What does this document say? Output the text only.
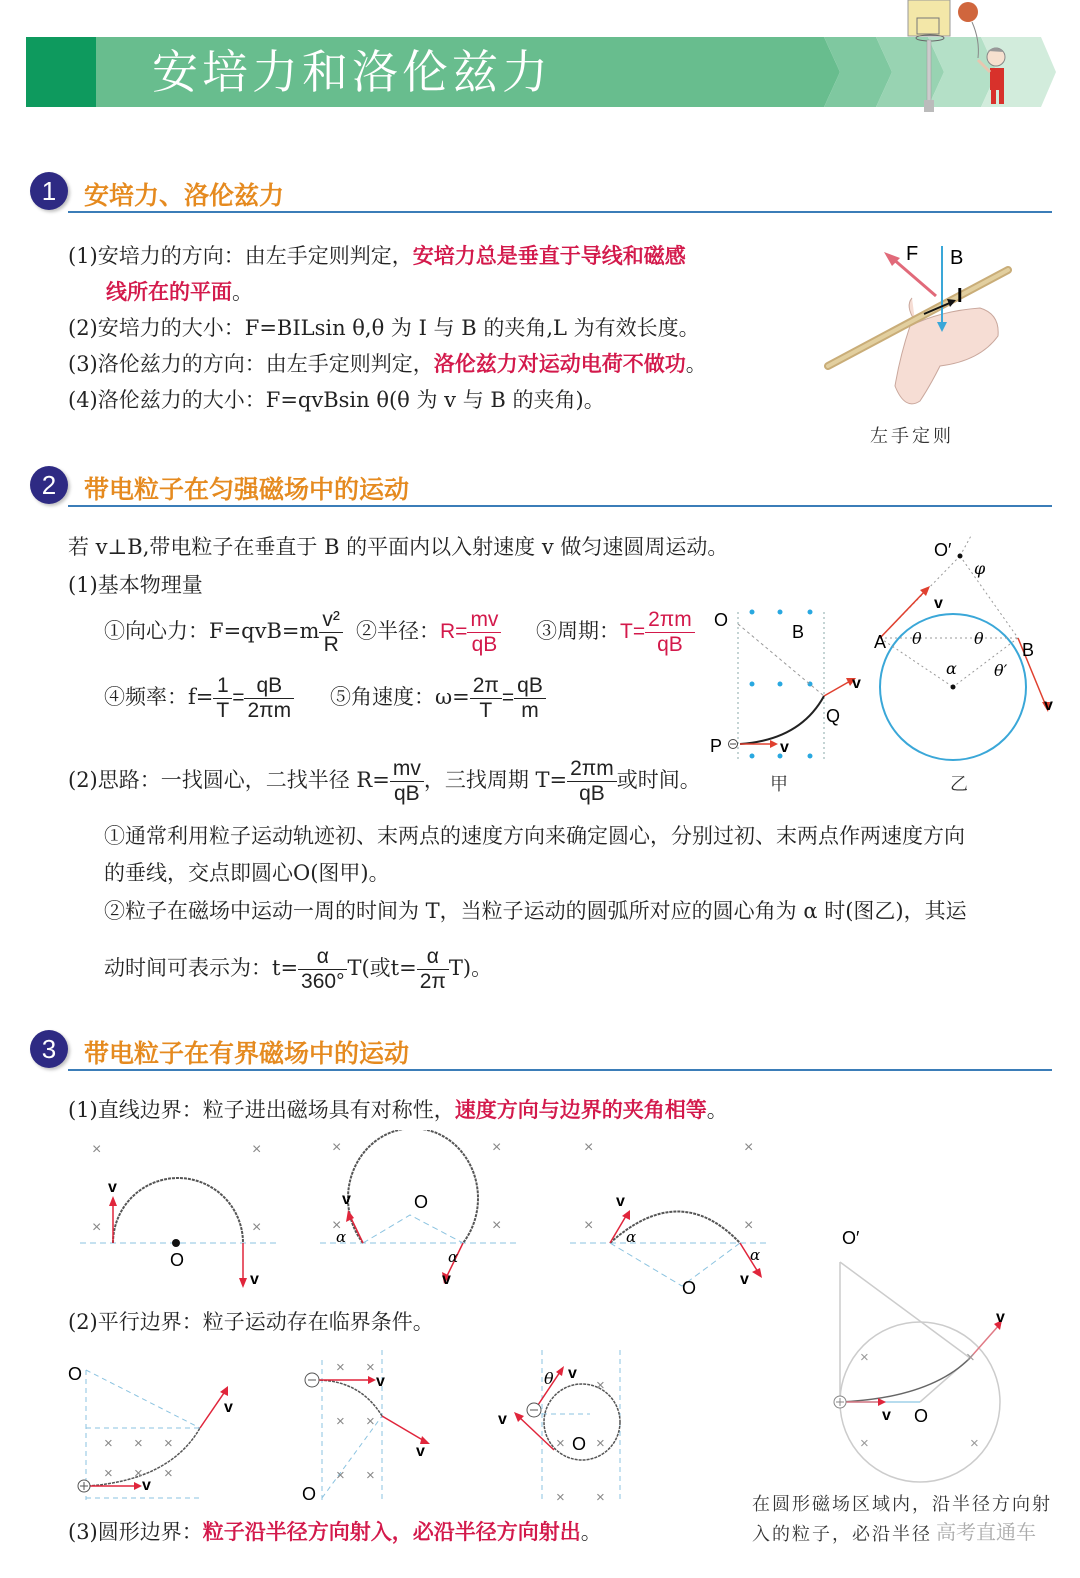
安培力和洛伦兹力
1	安培力、洛伦兹力
(1)安培力的方向：由左手定则判定，安培力总是垂直于导线和磁感
线所在的平面。
(2)安培力的大小：F=BILsin θ,θ 为 I 与 B 的夹角,L 为有效长度。
(3)洛伦兹力的方向：由左手定则判定，洛伦兹力对运动电荷不做功。
(4)洛伦兹力的大小：F=qvBsin θ(θ 为 v 与 B 的夹角)。
F B
I
左手定则
2	带电粒子在匀强磁场中的运动
若 v⊥B,带电粒子在垂直于 B 的平面内以入射速度 v 做匀速圆周运动。
(1)基本物理量
①向心力：$F=qvB=m \frac{\text{v²}}{R}$ ②半径：$R= \frac{mv}{qB}$ ③周期：$T= \frac{2\pi m}{qB}$
④频率：$f= \frac{1}{T} = \frac{qB}{2\pi m}$ ⑤角速度：$\omega= \frac{2\pi}{T} = \frac{qB}{m}$
(2)思路：一找圆心，二找半径 $R= \frac{mv}{qB}$ ，三找周期 $T= \frac{2\pi m}{qB}$ 或时间。
①通常利用粒子运动轨迹初、末两点的速度方向来确定圆心，分别过初、末两点作两速度方向
的垂线，交点即圆心O(图甲)。
②粒子在磁场中运动一周的时间为 T，当粒子运动的圆弧所对应的圆心角为 α 时(图乙)，其运
动时间可表示为：$t= \frac{\alpha}{360^\circ} T$(或$t= \frac{\alpha}{2\pi} T$)。
O
B
Q
P	v
v
甲
O′
φ
v
A	B
θ	θ
θ′
α
v
乙
3	带电粒子在有界磁场中的运动
(1)直线边界：粒子进出磁场具有对称性，速度方向与边界的夹角相等。
×	×
×	×
×	×
×	×
×	×
×	×
v
O
v
v	O
α
α
v
v
α
α
v
O
(2)平行边界：粒子运动存在临界条件。
× × ×
× × ×
O
v
v
× ×
× ×
× ×
v
v
O
×
× ×
× ×
θ v
v
O
(3)圆形边界：粒子沿半径方向射入，必沿半径方向射出。
×	×
×	×
O′
v
v O
在圆形磁场区域内，沿半径方向射
入的粒子，必沿半径 高考直通车
